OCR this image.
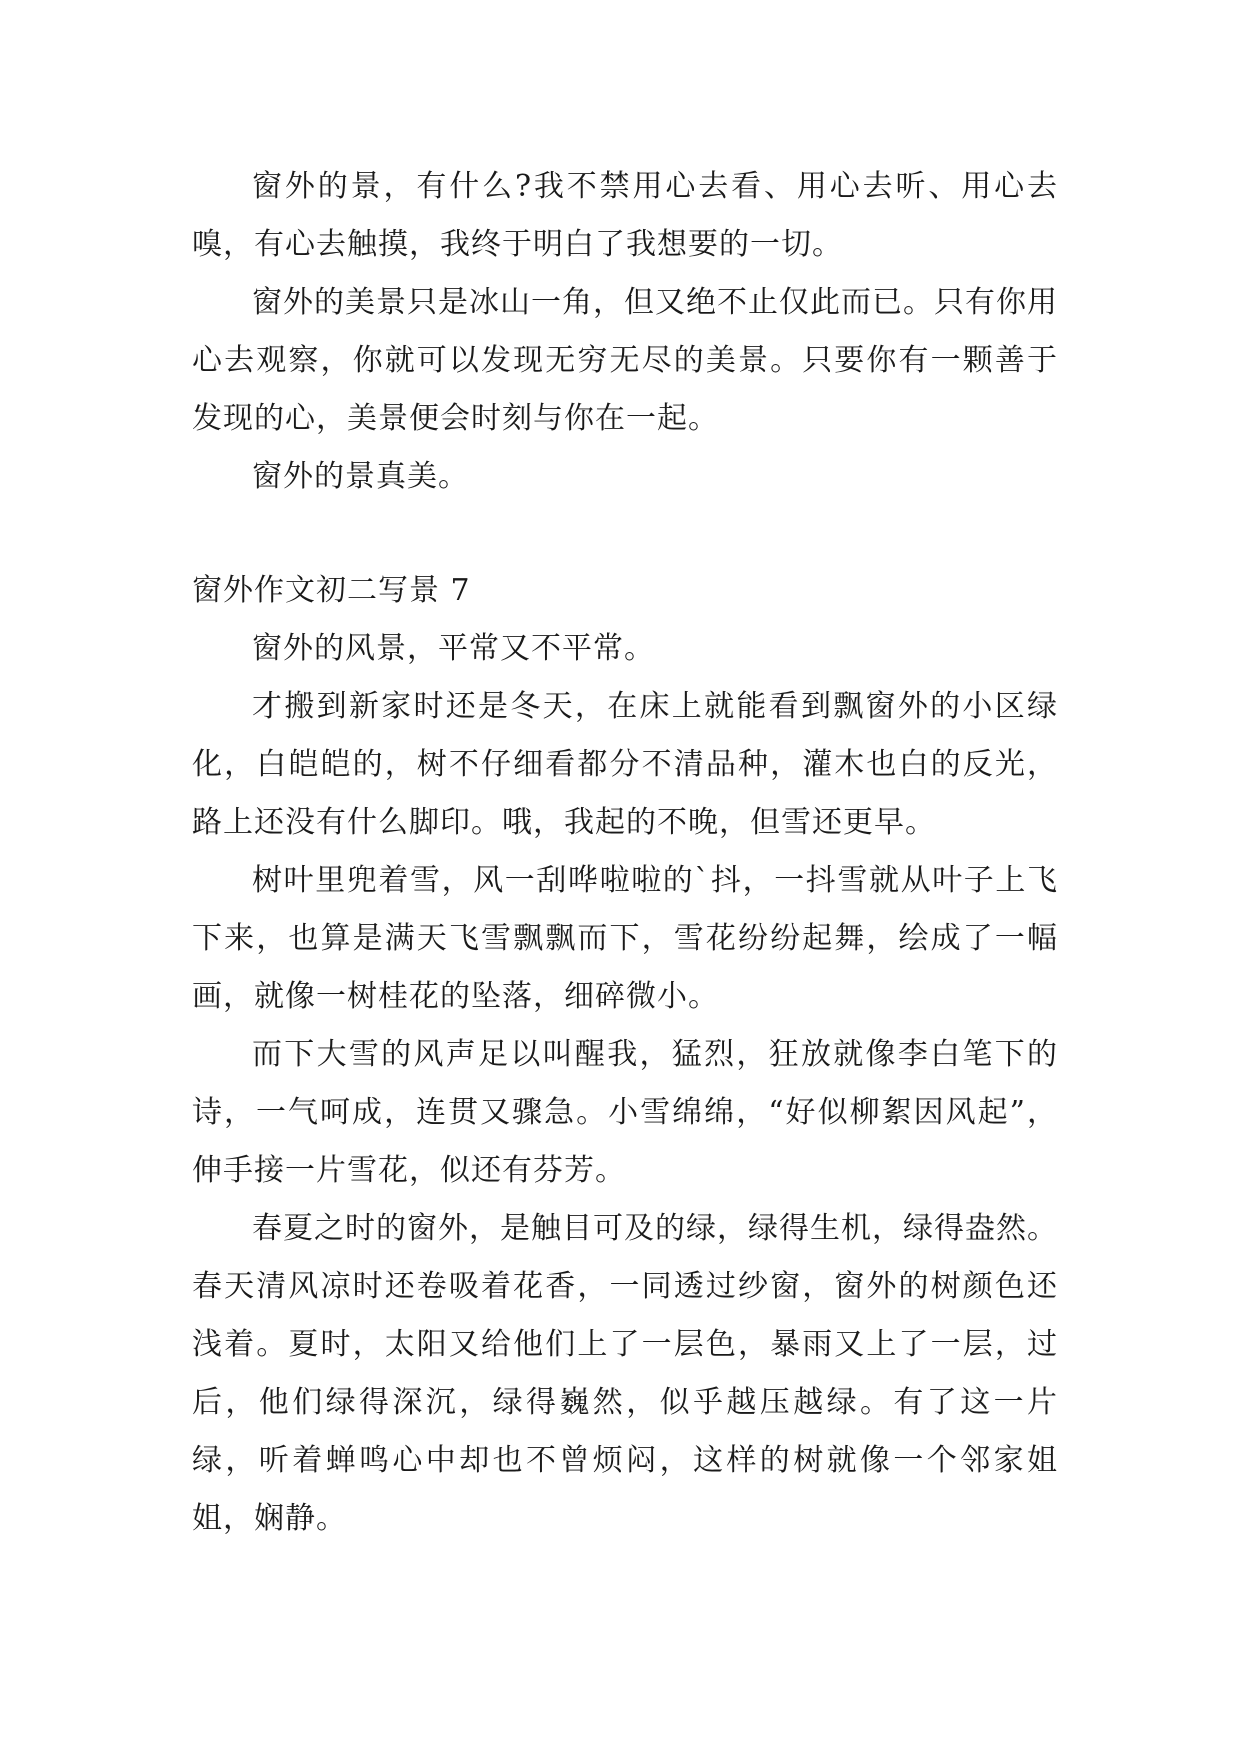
窗外的景，有什么?我不禁用心去看、用心去听、用心去嗅，有心去触摸，我终于明白了我想要的一切。

窗外的美景只是冰山一角，但又绝不止仅此而已。只有你用心去观察，你就可以发现无穷无尽的美景。只要你有一颗善于发现的心，美景便会时刻与你在一起。

窗外的景真美。

窗外作文初二写景 7

窗外的风景，平常又不平常。

才搬到新家时还是冬天，在床上就能看到飘窗外的小区绿化，白皑皑的，树不仔细看都分不清品种，灌木也白的反光，路上还没有什么脚印。哦，我起的不晚，但雪还更早。

树叶里兜着雪，风一刮哗啦啦的`抖，一抖雪就从叶子上飞下来，也算是满天飞雪飘飘而下，雪花纷纷起舞，绘成了一幅画，就像一树桂花的坠落，细碎微小。

而下大雪的风声足以叫醒我，猛烈，狂放就像李白笔下的诗，一气呵成，连贯又骤急。小雪绵绵，“好似柳絮因风起”，伸手接一片雪花，似还有芬芳。

春夏之时的窗外，是触目可及的绿，绿得生机，绿得盎然。春天清风凉时还卷吸着花香，一同透过纱窗，窗外的树颜色还浅着。夏时，太阳又给他们上了一层色，暴雨又上了一层，过后，他们绿得深沉，绿得巍然，似乎越压越绿。有了这一片绿，听着蝉鸣心中却也不曾烦闷，这样的树就像一个邻家姐姐，娴静。
